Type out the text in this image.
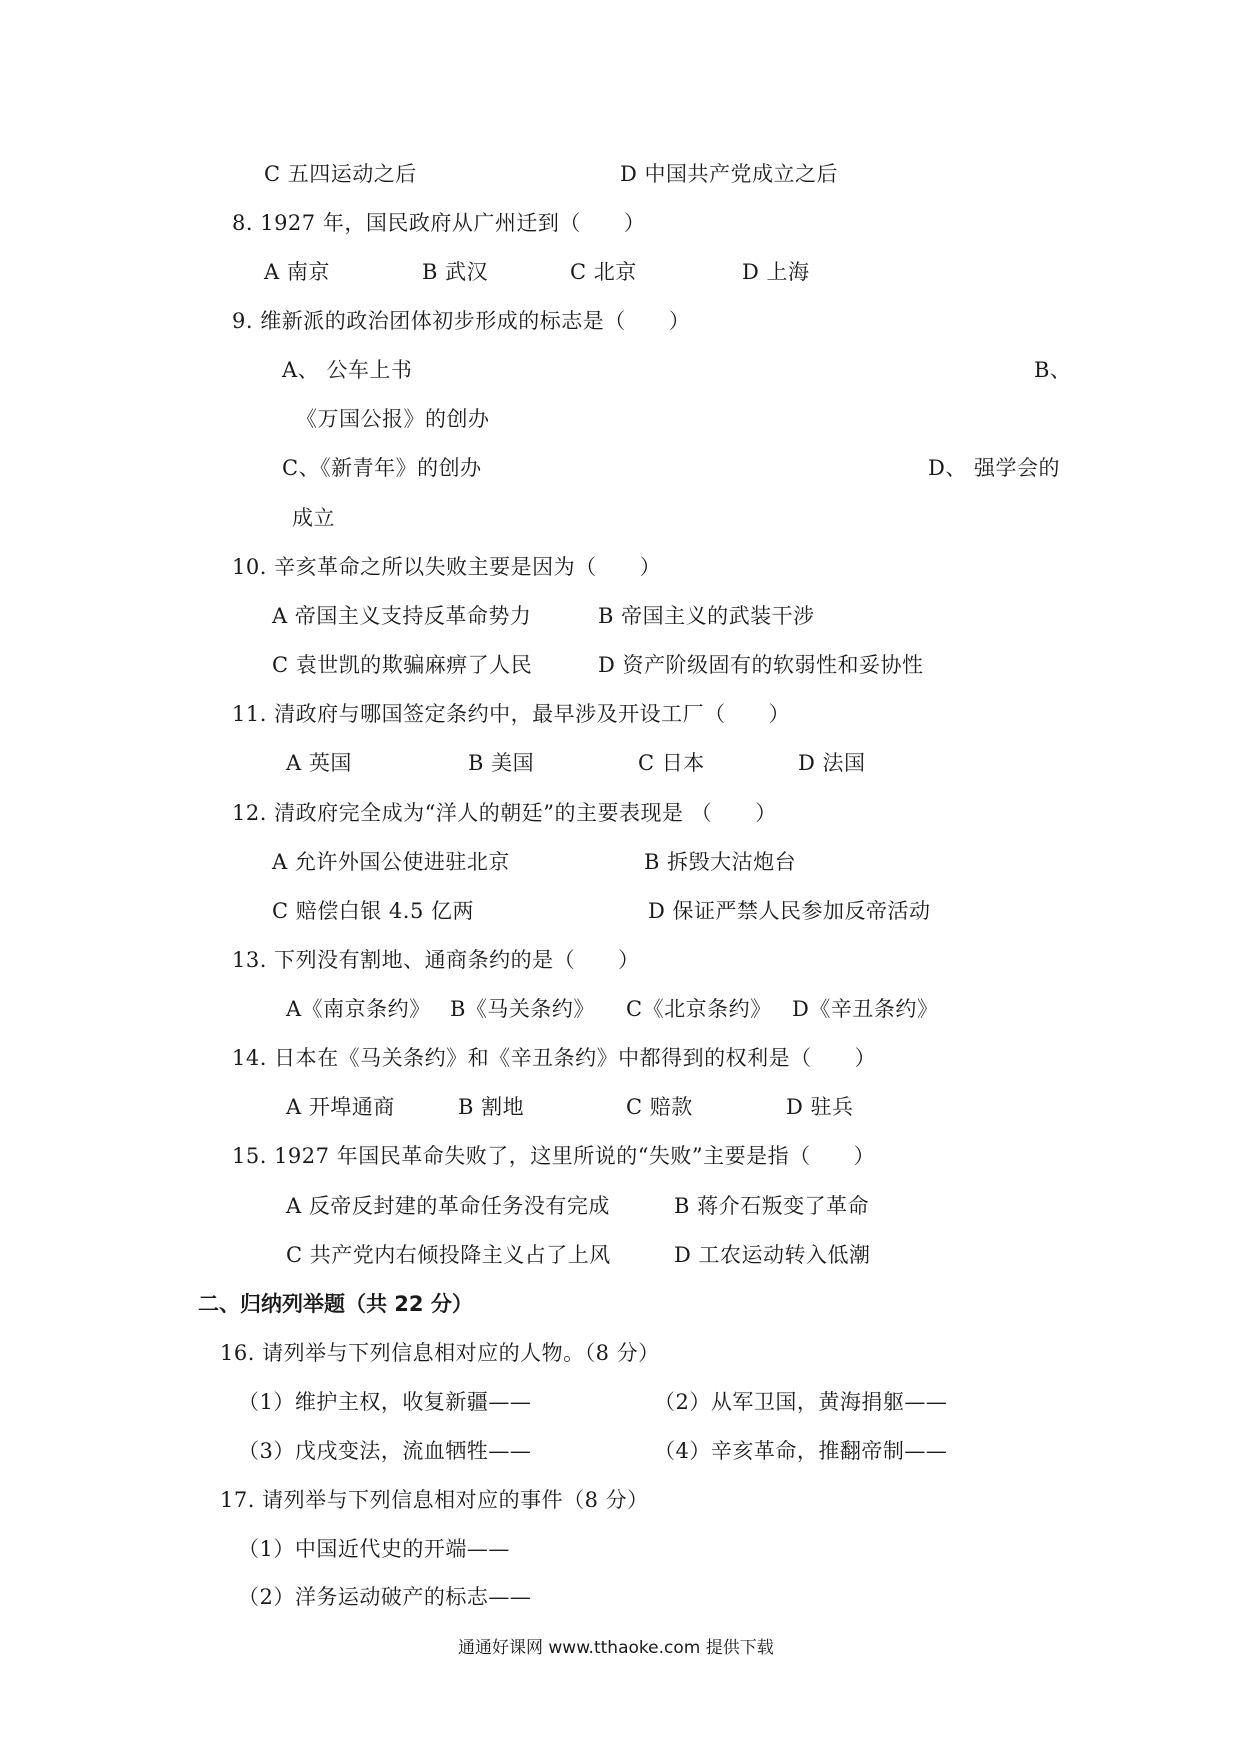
C 五四运动之后	D 中国共产党成立之后
8. 1927 年，国民政府从广州迁到（　　）
A 南京	B 武汉	C 北京	D 上海
9. 维新派的政治团体初步形成的标志是（　　）
A、 公车上书	B、
《万国公报》的创办
C、《新青年》的创办	D、 强学会的
成立
10. 辛亥革命之所以失败主要是因为（　　）
A 帝国主义支持反革命势力	B 帝国主义的武装干涉
C 袁世凯的欺骗麻痹了人民	D 资产阶级固有的软弱性和妥协性
11. 清政府与哪国签定条约中，最早涉及开设工厂（　　）
A 英国	B 美国	C 日本	D 法国
12. 清政府完全成为“洋人的朝廷”的主要表现是 （　　）
A 允许外国公使进驻北京	B 拆毁大沽炮台
C 赔偿白银 4.5 亿两	D 保证严禁人民参加反帝活动
13. 下列没有割地、通商条约的是（　　）
A《南京条约》 B《马关条约》 C《北京条约》 D《辛丑条约》
14. 日本在《马关条约》和《辛丑条约》中都得到的权利是（　　）
A 开埠通商	B 割地	C 赔款	D 驻兵
15. 1927 年国民革命失败了，这里所说的“失败”主要是指（　　）
A 反帝反封建的革命任务没有完成	B 蒋介石叛变了革命
C 共产党内右倾投降主义占了上风	D 工农运动转入低潮
二、归纳列举题（共 22 分）
16. 请列举与下列信息相对应的人物。（8 分）
（1）维护主权，收复新疆——	（2）从军卫国，黄海捐躯——
（3）戊戌变法，流血牺牲——	（4）辛亥革命，推翻帝制——
17. 请列举与下列信息相对应的事件（8 分）
（1）中国近代史的开端——
（2）洋务运动破产的标志——
通通好课网 www.tthaoke.com 提供下载
